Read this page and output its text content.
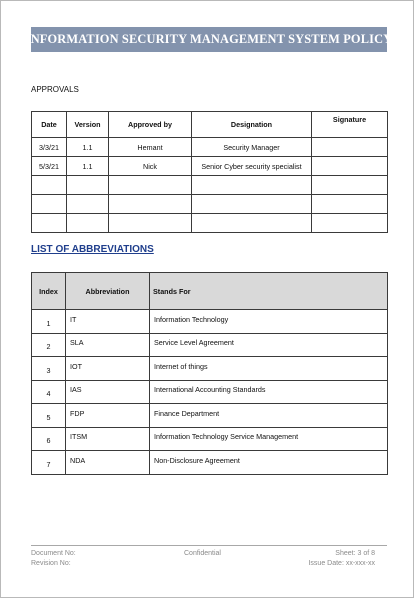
INFORMATION SECURITY MANAGEMENT SYSTEM POLICY
APPROVALS
Date	Version	Approved by	Designation	Signature
3/3/21	1.1	Hemant	Security Manager	
5/3/21	1.1	Nick	Senior Cyber security specialist	

LIST OF ABBREVIATIONS
Index	Abbreviation	Stands For
1	IT	Information Technology
2	SLA	Service Level Agreement
3	IOT	Internet of things
4	IAS	International Accounting Standards
5	FDP	Finance Department
6	ITSM	Information Technology Service Management
7	NDA	Non-Disclosure Agreement
Document No:
Revision No:
Confidential	Sheet: 3 of 8
Issue Date: xx-xxx-xx
